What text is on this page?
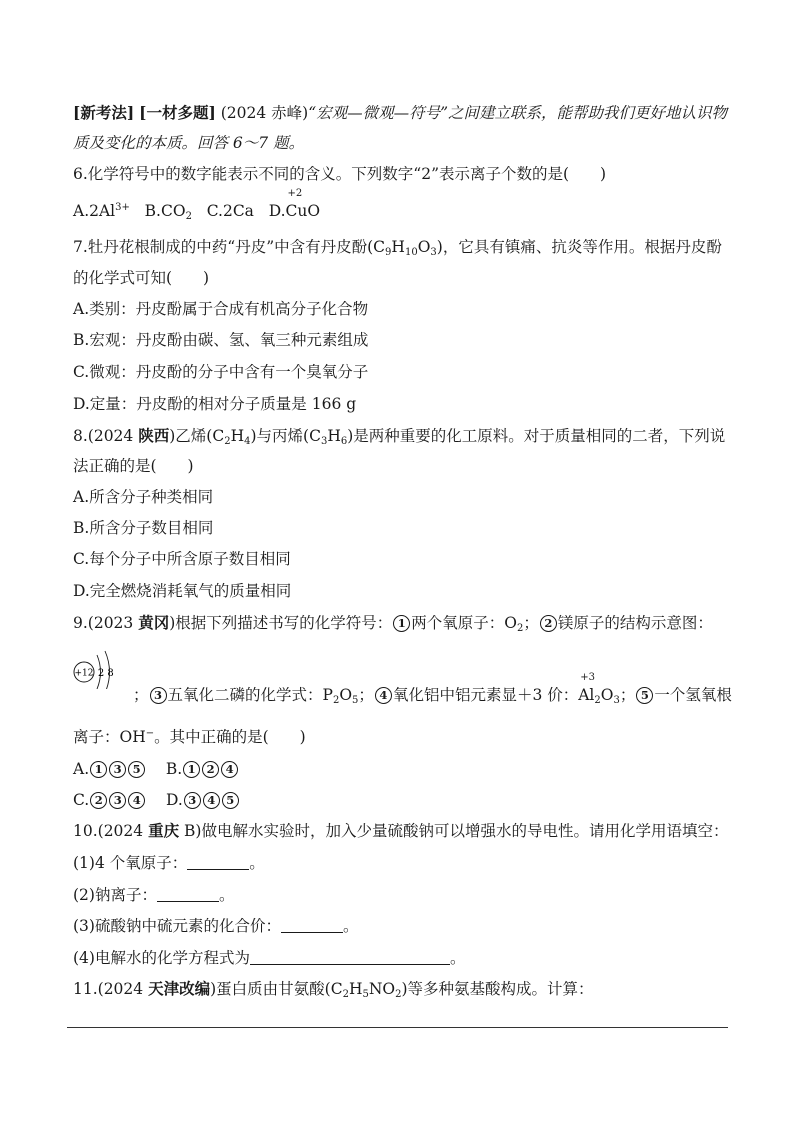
[新考法] [一材多题] (2024 赤峰)“宏观—微观—符号”之间建立联系，能帮助我们更好地认识物
质及变化的本质。回答 6～7 题。
6.化学符号中的数字能表示不同的含义。下列数字“2”表示离子个数的是(　　)
$A.2Al^{3+}$ $B.CO_2$ C.2Ca D.
+2
CuO
7.牡丹花根制成的中药“丹皮”中含有丹皮酚$(C_9H_{10}O_3)$，它具有镇痛、抗炎等作用。根据丹皮酚
的化学式可知(　　)
A.类别：丹皮酚属于合成有机高分子化合物
B.宏观：丹皮酚由碳、氢、氧三种元素组成
C.微观：丹皮酚的分子中含有一个臭氧分子
D.定量：丹皮酚的相对分子质量是 166 g
8.(2024 陕西)乙烯$(C_2H_4)$与丙烯$(C_3H_6)$是两种重要的化工原料。对于质量相同的二者，下列说
法正确的是(　　)
A.所含分子种类相同
B.所含分子数目相同
C.每个分子中所含原子数目相同
D.完全燃烧消耗氧气的质量相同
9.(2023 黄冈)根据下列描述书写的化学符号： 1 两个氧原子：$O_2$； 2 镁原子的结构示意图：
+12 2 8
； 3 五氧化二磷的化学式：$P_2O_5$； 4 氧化铝中铝元素显＋3 价：
+3
$Al_2O_3$； 5 一个氢氧根
离子：OH−。其中正确的是(　　)
A. 1 3 5 B. 1 2 4
C. 2 3 4 D. 3 4 5
10.(2024 重庆 B)做电解水实验时，加入少量硫酸钠可以增强水的导电性。请用化学用语填空：
(1)4 个氧原子：	。
(2)钠离子：	。
(3)硫酸钠中硫元素的化合价：	。
(4)电解水的化学方程式为	。
11.(2024 天津改编)蛋白质由甘氨酸$(C_2H_5NO_2)$等多种氨基酸构成。计算：
